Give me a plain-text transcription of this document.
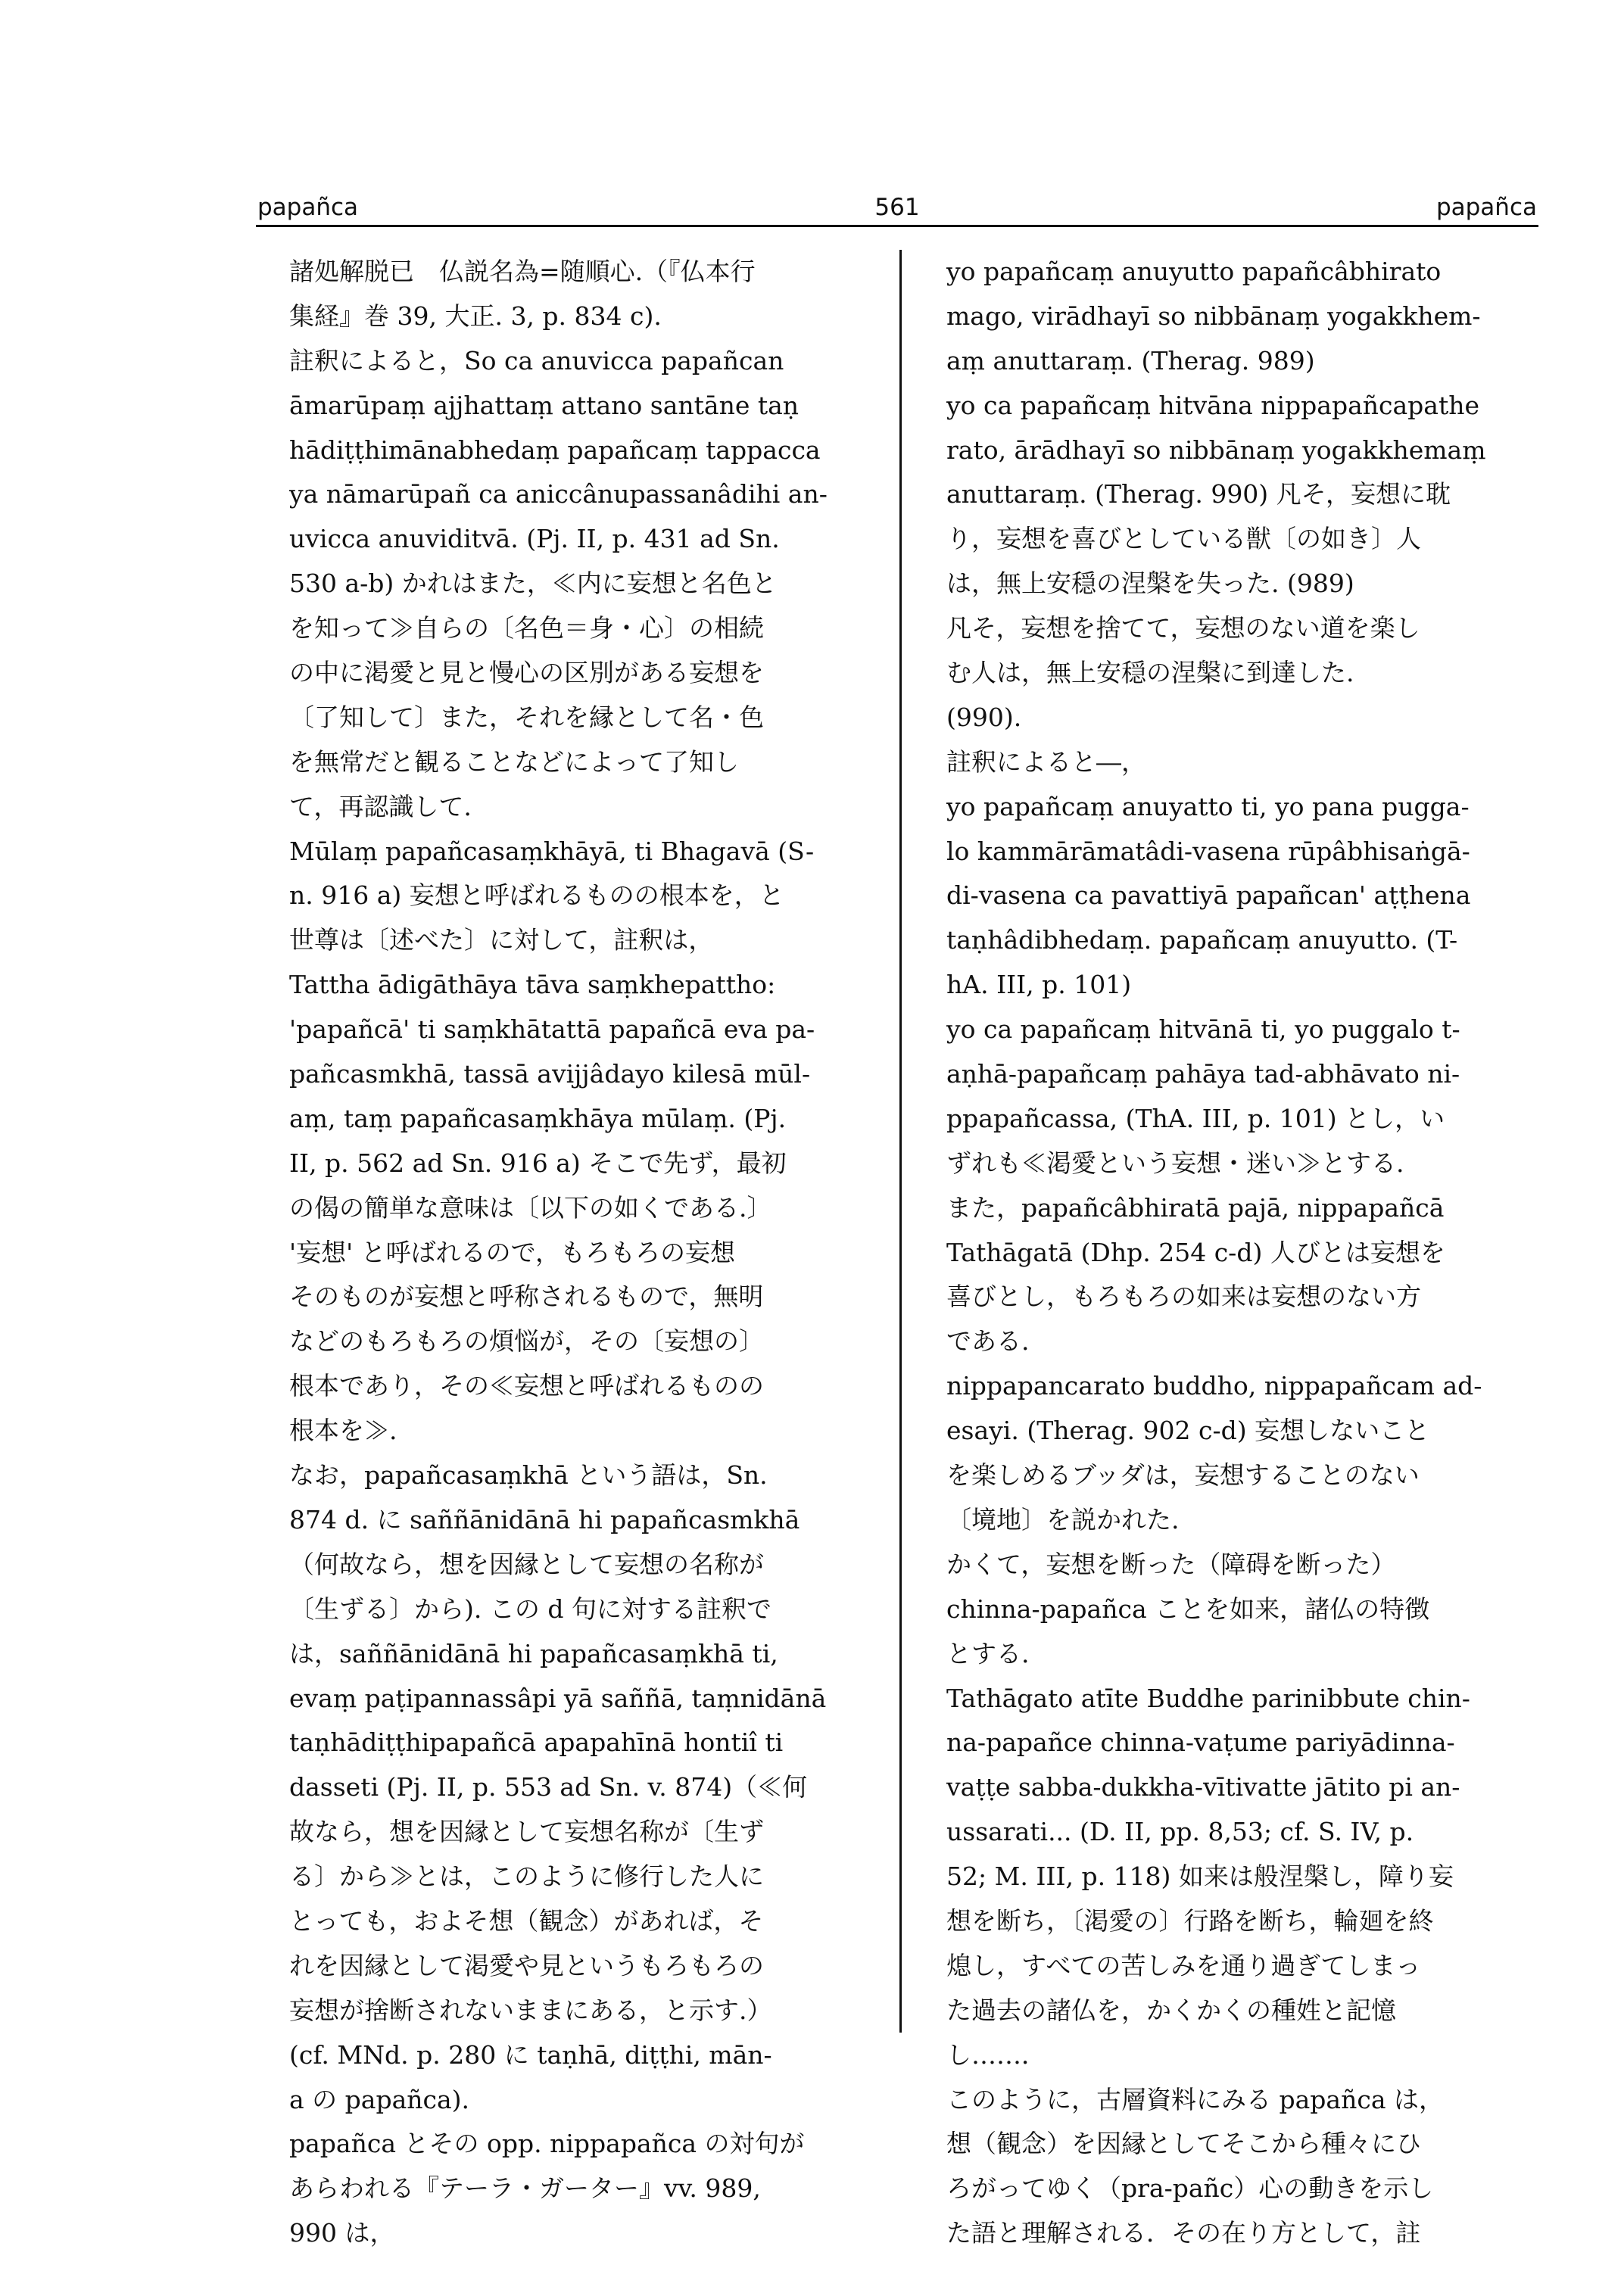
papañca	561	papañca
諸処解脱已　仏説名為=随順心.（『仏本行
集経』巻 39, 大正. 3, p. 834 c).
註釈によると，So ca anuvicca papañcan
āmarūpaṃ ajjhattaṃ attano santāne taṇ
hādiṭṭhimānabhedaṃ papañcaṃ tappacca
ya nāmarūpañ ca aniccânupassanâdihi an-
uvicca anuviditvā. (Pj. II, p. 431 ad Sn.
530 a-b) かれはまた，≪内に妄想と名色と
を知って≫自らの〔名色＝身・心〕の相続
の中に渇愛と見と慢心の区別がある妄想を
〔了知して〕また，それを縁として名・色
を無常だと観ることなどによって了知し
て，再認識して.
Mūlaṃ papañcasaṃkhāyā, ti Bhagavā (S-
n. 916 a) 妄想と呼ばれるものの根本を，と
世尊は〔述べた〕に対して，註釈は，
Tattha ādigāthāya tāva saṃkhepattho:
'papañcā' ti saṃkhātattā papañcā eva pa-
pañcasmkhā, tassā avijjâdayo kilesā mūl-
aṃ, taṃ papañcasaṃkhāya mūlaṃ. (Pj.
II, p. 562 ad Sn. 916 a) そこで先ず，最初
の偈の簡単な意味は〔以下の如くである.〕
'妄想' と呼ばれるので，もろもろの妄想
そのものが妄想と呼称されるもので，無明
などのもろもろの煩悩が，その〔妄想の〕
根本であり，その≪妄想と呼ばれるものの
根本を≫.
なお，papañcasaṃkhā という語は，Sn.
874 d. に saññānidānā hi papañcasmkhā
（何故なら，想を因縁として妄想の名称が
〔生ずる〕から). この d 句に対する註釈で
は，saññānidānā hi papañcasaṃkhā ti,
evaṃ paṭipannassâpi yā saññā, taṃnidānā
taṇhādiṭṭhipapañcā apapahīnā hontiî ti
dasseti (Pj. II, p. 553 ad Sn. v. 874)（≪何
故なら，想を因縁として妄想名称が〔生ず
る〕から≫とは，このように修行した人に
とっても，およそ想（観念）があれば，そ
れを因縁として渇愛や見というもろもろの
妄想が捨断されないままにある，と示す.）
(cf. MNd. p. 280 に taṇhā, diṭṭhi, mān-
a の papañca).
papañca とその opp. nippapañca の対句が
あらわれる『テーラ・ガーター』vv. 989,
990 は，
yo papañcaṃ anuyutto papañcâbhirato
mago, virādhayī so nibbānaṃ yogakkhem-
aṃ anuttaraṃ. (Therag. 989)
yo ca papañcaṃ hitvāna nippapañcapathe
rato, ārādhayī so nibbānaṃ yogakkhemaṃ
anuttaraṃ. (Therag. 990) 凡そ，妄想に耽
り，妄想を喜びとしている獣〔の如き〕人
は，無上安穏の涅槃を失った. (989)
凡そ，妄想を捨てて，妄想のない道を楽し
む人は，無上安穏の涅槃に到達した.
(990).
註釈によると―，
yo papañcaṃ anuyatto ti, yo pana pugga-
lo kammārāmatâdi-vasena rūpâbhisaṅgā-
di-vasena ca pavattiyā papañcan' aṭṭhena
taṇhâdibhedaṃ. papañcaṃ anuyutto. (T-
hA. III, p. 101)
yo ca papañcaṃ hitvānā ti, yo puggalo t-
aṇhā-papañcaṃ pahāya tad-abhāvato ni-
ppapañcassa, (ThA. III, p. 101) とし，い
ずれも≪渇愛という妄想・迷い≫とする.
また，papañcâbhiratā pajā, nippapañcā
Tathāgatā (Dhp. 254 c-d) 人びとは妄想を
喜びとし，もろもろの如来は妄想のない方
である.
nippapancarato buddho, nippapañcam ad-
esayi. (Therag. 902 c-d) 妄想しないこと
を楽しめるブッダは，妄想することのない
〔境地〕を説かれた.
かくて，妄想を断った（障碍を断った）
chinna-papañca ことを如来，諸仏の特徴
とする.
Tathāgato atīte Buddhe parinibbute chin-
na-papañce chinna-vaṭume pariyādinna-
vaṭṭe sabba-dukkha-vītivatte jātito pi an-
ussarati... (D. II, pp. 8,53; cf. S. IV, p.
52; M. III, p. 118) 如来は般涅槃し，障り妄
想を断ち，〔渇愛の〕行路を断ち，輪廻を終
熄し，すべての苦しみを通り過ぎてしまっ
た過去の諸仏を，かくかくの種姓と記憶
し……．
このように，古層資料にみる papañca は，
想（観念）を因縁としてそこから種々にひ
ろがってゆく（pra-pañc）心の動きを示し
た語と理解される．その在り方として，註
